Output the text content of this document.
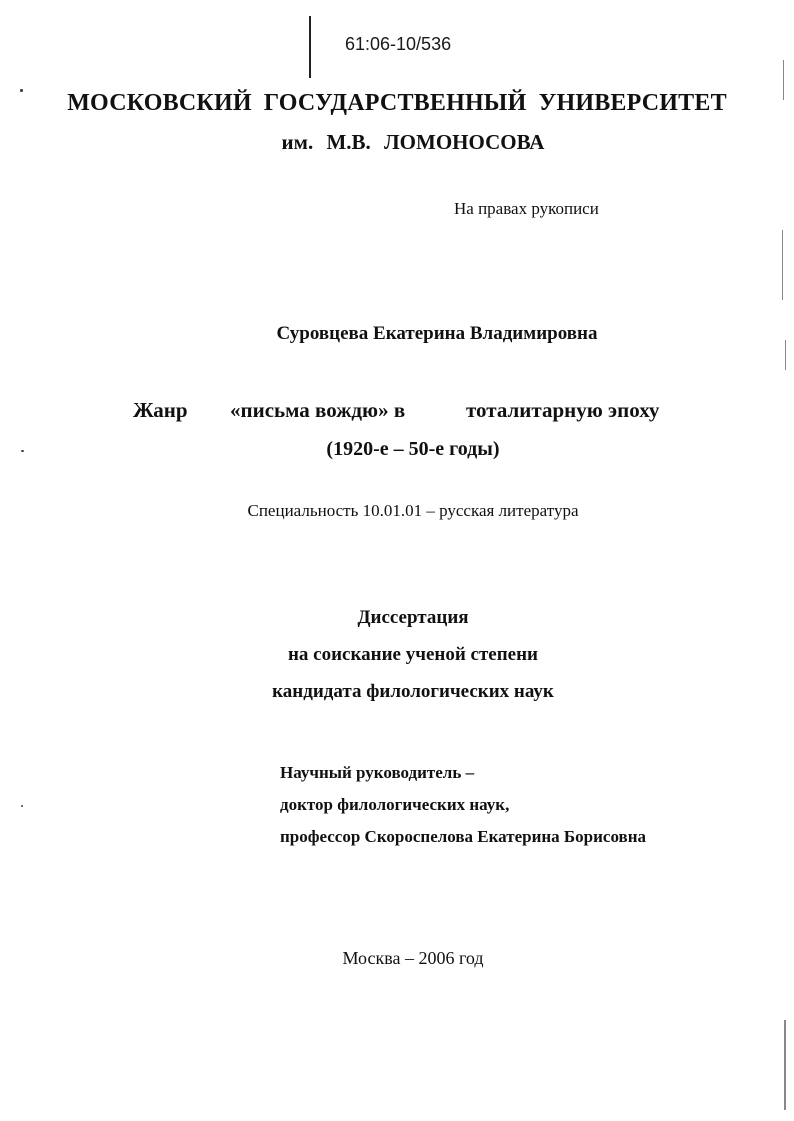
61:06-10/536
МОСКОВСКИЙ ГОСУДАРСТВЕННЫЙ УНИВЕРСИТЕТ
им. М.В. ЛОМОНОСОВА
На правах рукописи
Суровцева Екатерина Владимировна
Жанр «письма вождю» в	тоталитарную эпоху
(1920-е – 50-е годы)
Специальность 10.01.01 – русская литература
Диссертация
на соискание ученой степени
кандидата филологических наук
Научный руководитель –
доктор филологических наук,
профессор Скороспелова Екатерина Борисовна
Москва – 2006 год
